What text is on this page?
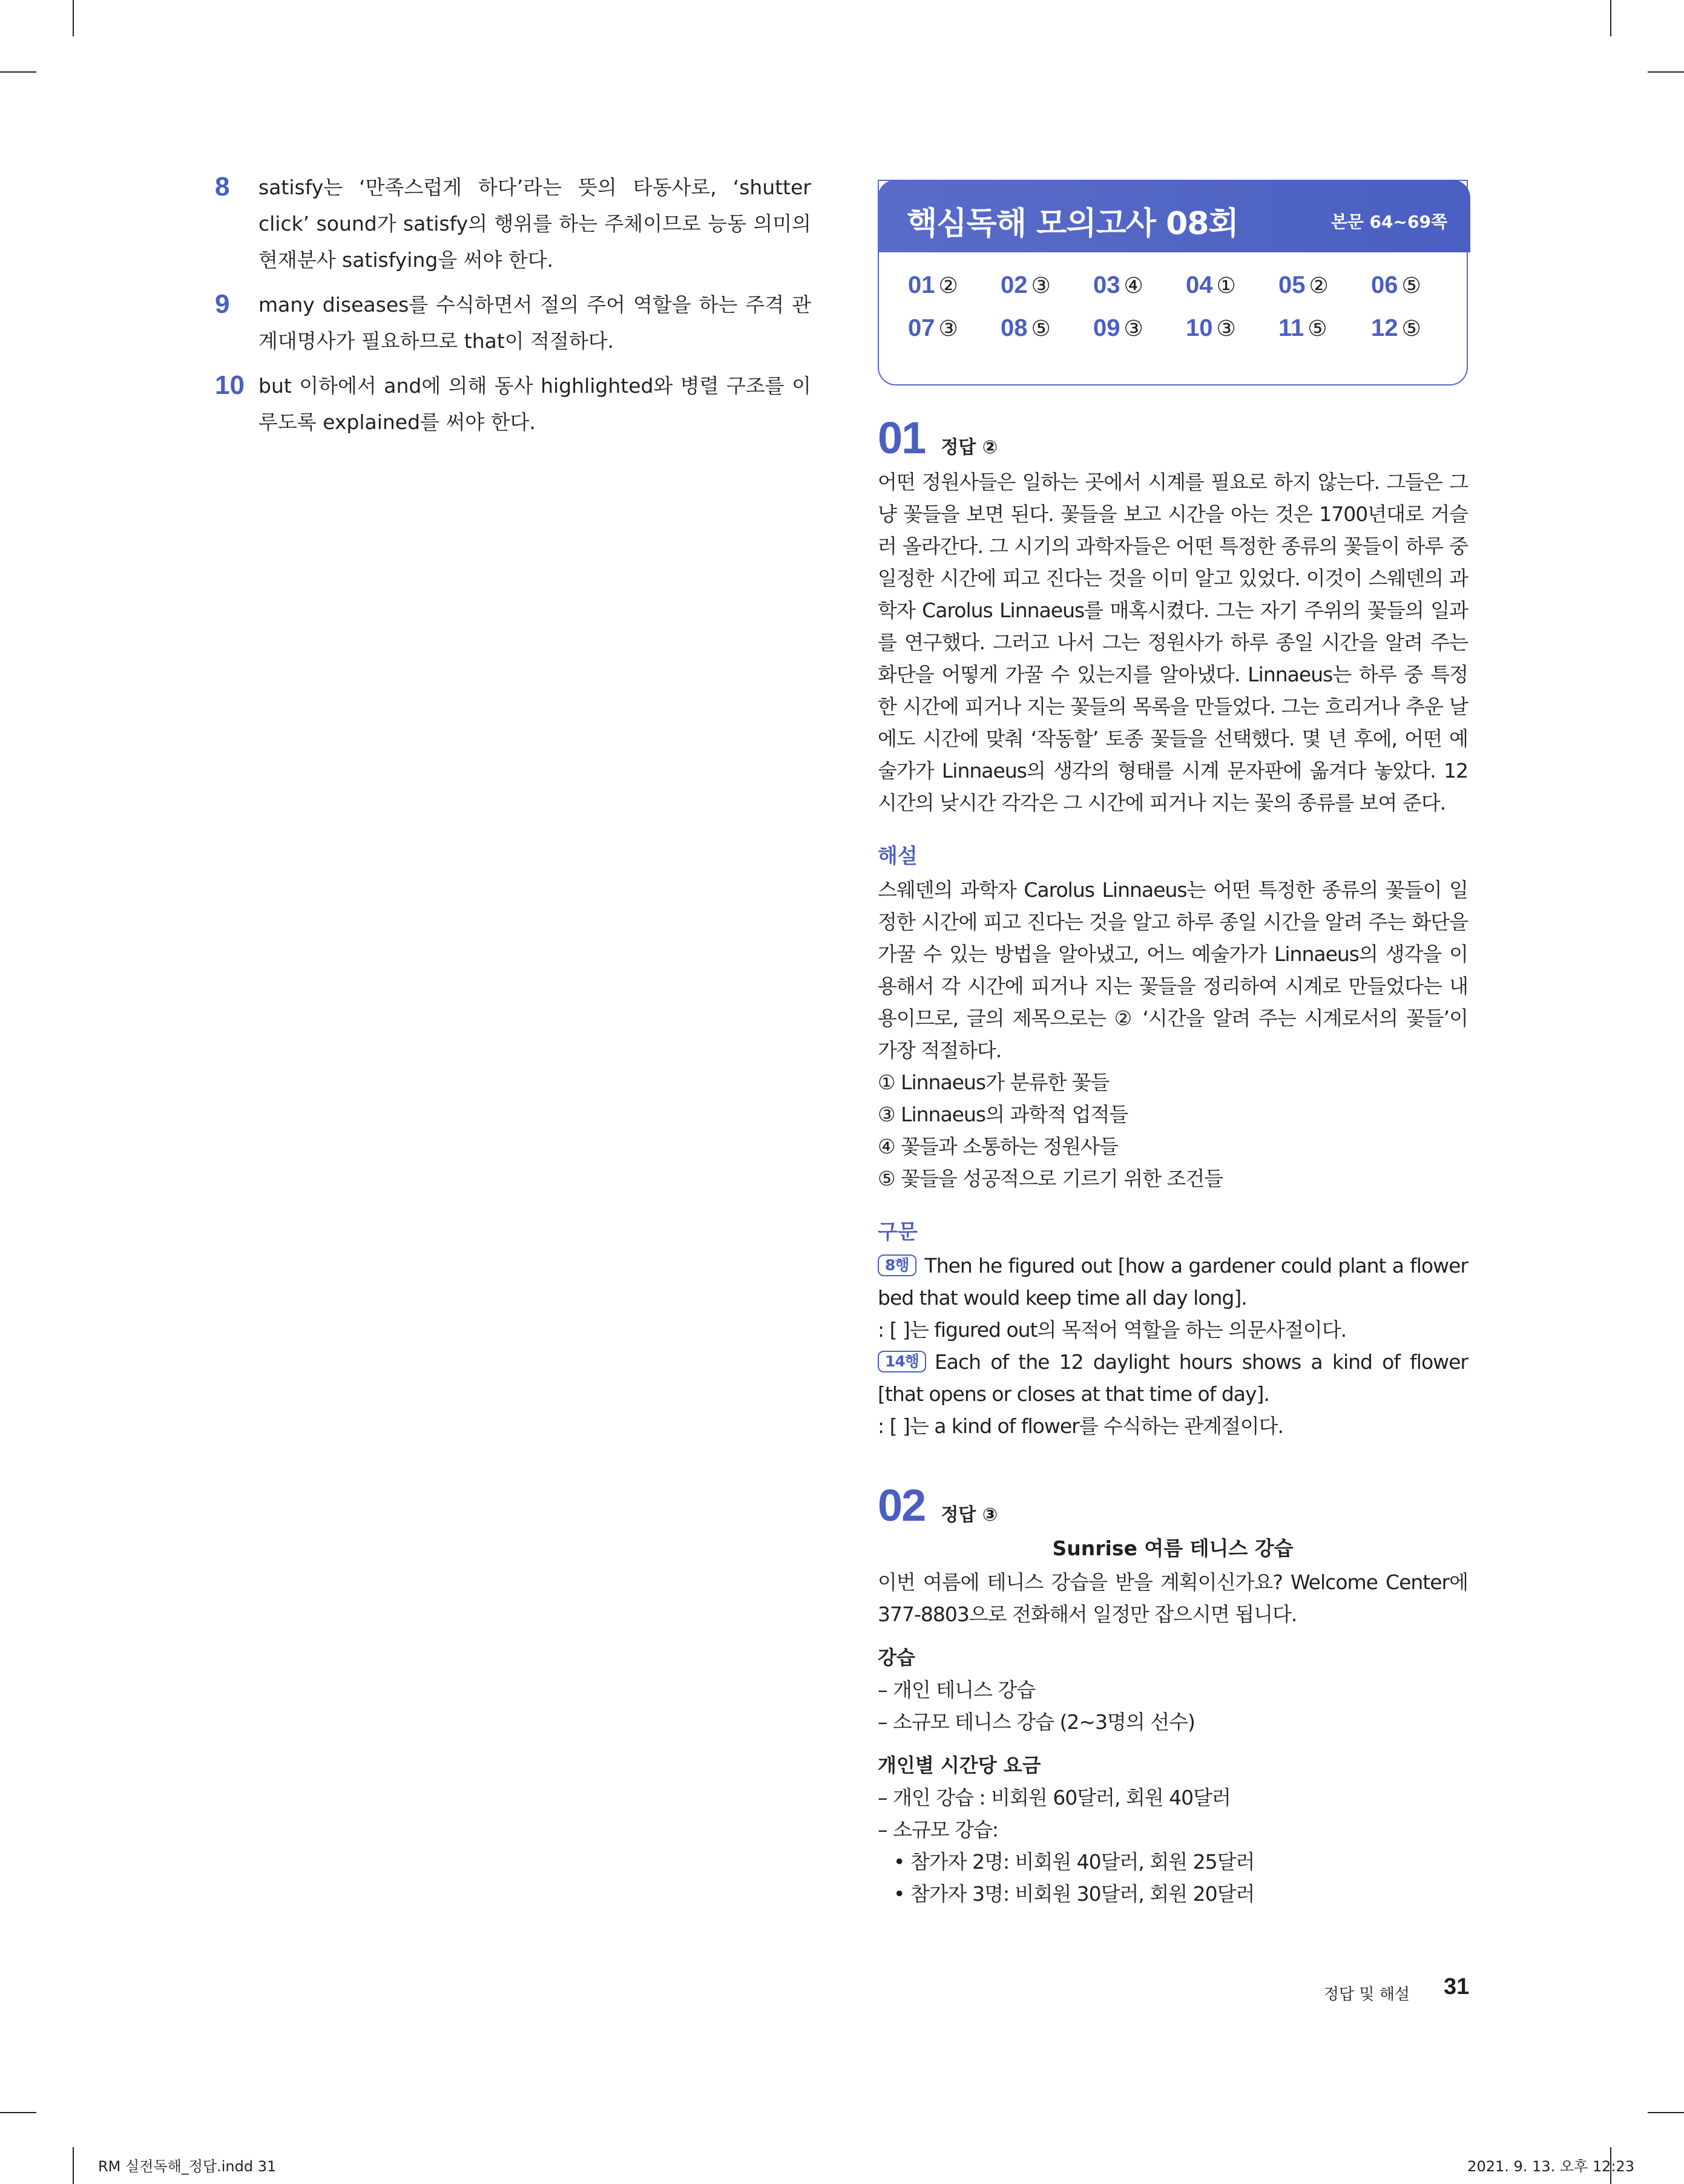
8	satisfy는 ‘만족스럽게 하다’라는 뜻의 타동사로, ‘shutter click’ sound가 satisfy의 행위를 하는 주체이므로 능동 의미의 현재분사 satisfying을 써야 한다.
9	many diseases를 수식하면서 절의 주어 역할을 하는 주격 관계대명사가 필요하므로 that이 적절하다.
10 but 이하에서 and에 의해 동사 highlighted와 병렬 구조를 이루도록 explained를 써야 한다.
핵심독해 모의고사 08회	본문 64~69쪽
01 ②	02 ③	03 ④	04 ①	05 ②	06 ⑤
07 ③	08 ⑤	09 ③	10 ③	11 ⑤	12 ⑤
01 정답 ②
어떤 정원사들은 일하는 곳에서 시계를 필요로 하지 않는다. 그들은 그냥 꽃들을 보면 된다. 꽃들을 보고 시간을 아는 것은 1700년대로 거슬러 올라간다. 그 시기의 과학자들은 어떤 특정한 종류의 꽃들이 하루 중 일정한 시간에 피고 진다는 것을 이미 알고 있었다. 이것이 스웨덴의 과학자 Carolus Linnaeus를 매혹시켰다. 그는 자기 주위의 꽃들의 일과를 연구했다. 그러고 나서 그는 정원사가 하루 종일 시간을 알려 주는 화단을 어떻게 가꿀 수 있는지를 알아냈다. Linnaeus는 하루 중 특정한 시간에 피거나 지는 꽃들의 목록을 만들었다. 그는 흐리거나 추운 날에도 시간에 맞춰 ‘작동할’ 토종 꽃들을 선택했다. 몇 년 후에, 어떤 예술가가 Linnaeus의 생각의 형태를 시계 문자판에 옮겨다 놓았다. 12시간의 낮시간 각각은 그 시간에 피거나 지는 꽃의 종류를 보여 준다.
해설
스웨덴의 과학자 Carolus Linnaeus는 어떤 특정한 종류의 꽃들이 일정한 시간에 피고 진다는 것을 알고 하루 종일 시간을 알려 주는 화단을 가꿀 수 있는 방법을 알아냈고, 어느 예술가가 Linnaeus의 생각을 이용해서 각 시간에 피거나 지는 꽃들을 정리하여 시계로 만들었다는 내용이므로, 글의 제목으로는 ② ‘시간을 알려 주는 시계로서의 꽃들’이 가장 적절하다.
① Linnaeus가 분류한 꽃들
③ Linnaeus의 과학적 업적들
④ 꽃들과 소통하는 정원사들
⑤ 꽃들을 성공적으로 기르기 위한 조건들
구문
8행 Then he figured out [how a gardener could plant a flower bed that would keep time all day long].
: [ ]는 figured out의 목적어 역할을 하는 의문사절이다.
14행 Each of the 12 daylight hours shows a kind of flower [that opens or closes at that time of day].
: [ ]는 a kind of flower를 수식하는 관계절이다.
02 정답 ③
Sunrise 여름 테니스 강습
이번 여름에 테니스 강습을 받을 계획이신가요? Welcome Center에 377-8803으로 전화해서 일정만 잡으시면 됩니다.
강습
– 개인 테니스 강습
– 소규모 테니스 강습 (2~3명의 선수)
개인별 시간당 요금
– 개인 강습 : 비회원 60달러, 회원 40달러
– 소규모 강습:
• 참가자 2명: 비회원 40달러, 회원 25달러
• 참가자 3명: 비회원 30달러, 회원 20달러
정답 및 해설 31
RM 실전독해_정답.indd 31	2021. 9. 13. 오후 12:23
